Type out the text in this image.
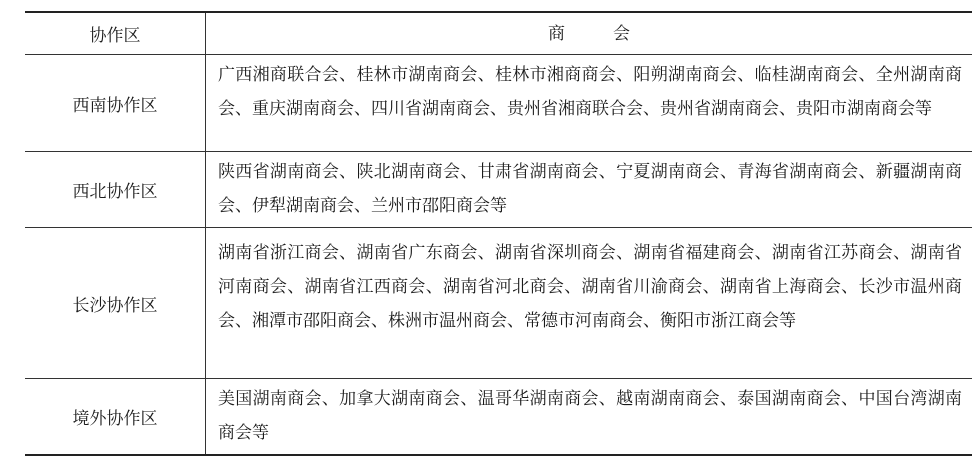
协作区	商会
西南协作区
广西湘商联合会、桂林市湖南商会、桂林市湘商商会、阳朔湖南商会、临桂湖南商会、全州湖南商会、重庆湖南商会、四川省湖南商会、贵州省湘商联合会、贵州省湖南商会、贵阳市湖南商会等
西北协作区
陕西省湖南商会、陕北湖南商会、甘肃省湖南商会、宁夏湖南商会、青海省湖南商会、新疆湖南商会、伊犁湖南商会、兰州市邵阳商会等
长沙协作区
湖南省浙江商会、湖南省广东商会、湖南省深圳商会、湖南省福建商会、湖南省江苏商会、湖南省河南商会、湖南省江西商会、湖南省河北商会、湖南省川渝商会、湖南省上海商会、长沙市温州商会、湘潭市邵阳商会、株洲市温州商会、常德市河南商会、衡阳市浙江商会等
境外协作区
美国湖南商会、加拿大湖南商会、温哥华湖南商会、越南湖南商会、泰国湖南商会、中国台湾湖南商会等
